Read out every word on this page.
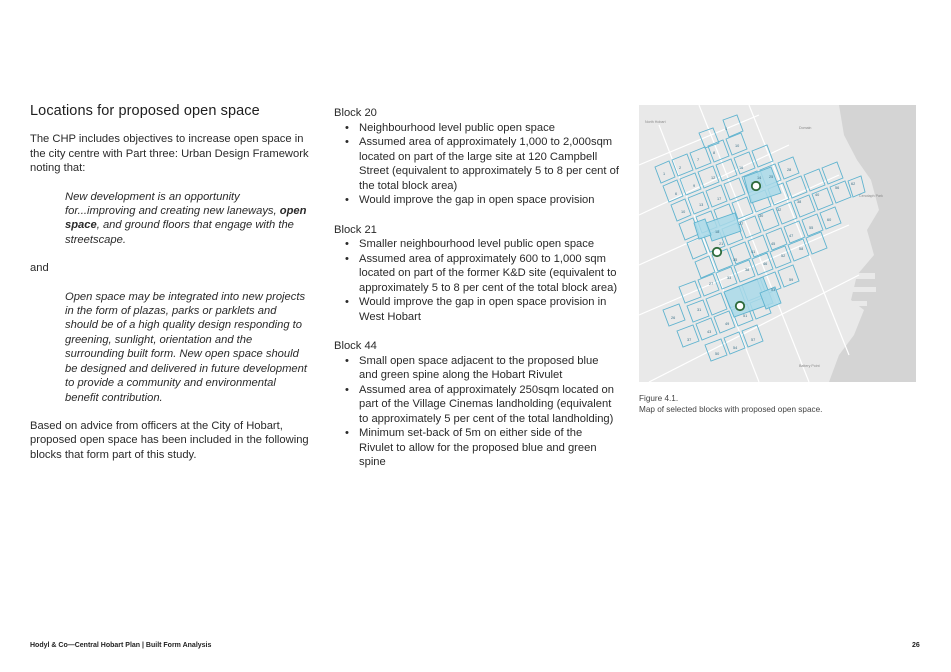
Locations for proposed open space

The CHP includes objectives to increase open space in the city centre with Part three: Urban Design Framework noting that:

New development is an opportunity for...improving and creating new laneways, open space, and ground floors that engage with the streetscape.

and

Open space may be integrated into new projects in the form of plazas, parks or parklets and should be of a high quality design responding to greening, sunlight, orientation and the surrounding built form. New open space should be designed and delivered in future development to provide a community and environmental benefit contribution.

Based on advice from officers at the City of Hobart, proposed open space has been included in the following blocks that form part of this study.

Block 20

• Neighbourhood level public open space
• Assumed area of approximately 1,000 to 2,000sqm located on part of the large site at 120 Campbell Street (equivalent to approximately 5 to 8 per cent of the total block area)
• Would improve the gap in open space provision

Block 21

• Smaller neighbourhood level public open space
• Assumed area of approximately 600 to 1,000 sqm located on part of the former K&D site (equivalent to approximately 5 to 8 per cent of the total block area)
• Would improve the gap in open space provision in West Hobart

Block 44

• Small open space adjacent to the proposed blue and green spine along the Hobart Rivulet
• Assumed area of approximately 250sqm located on part of the Village Cinemas landholding (equivalent to approximately 5 per cent of the total landholding)
• Minimum set-back of 5m on either side of the Rivulet to allow for the proposed blue and green spine
4
1
2
7
8
10
14
6
9
12
16
10
13
17
25
28
18
21
27
30
32
38
40
56
62
35
41
45
47
55
60
27
33
38
46
52
58
26
31
53
59
37
43
49
51
50
54
57
North Hobart
Domain
Cenotaph Park
Battery Point
Figure 4.1.
Map of selected blocks with proposed open space.
Hodyl & Co—Central Hobart Plan | Built Form Analysis	26
